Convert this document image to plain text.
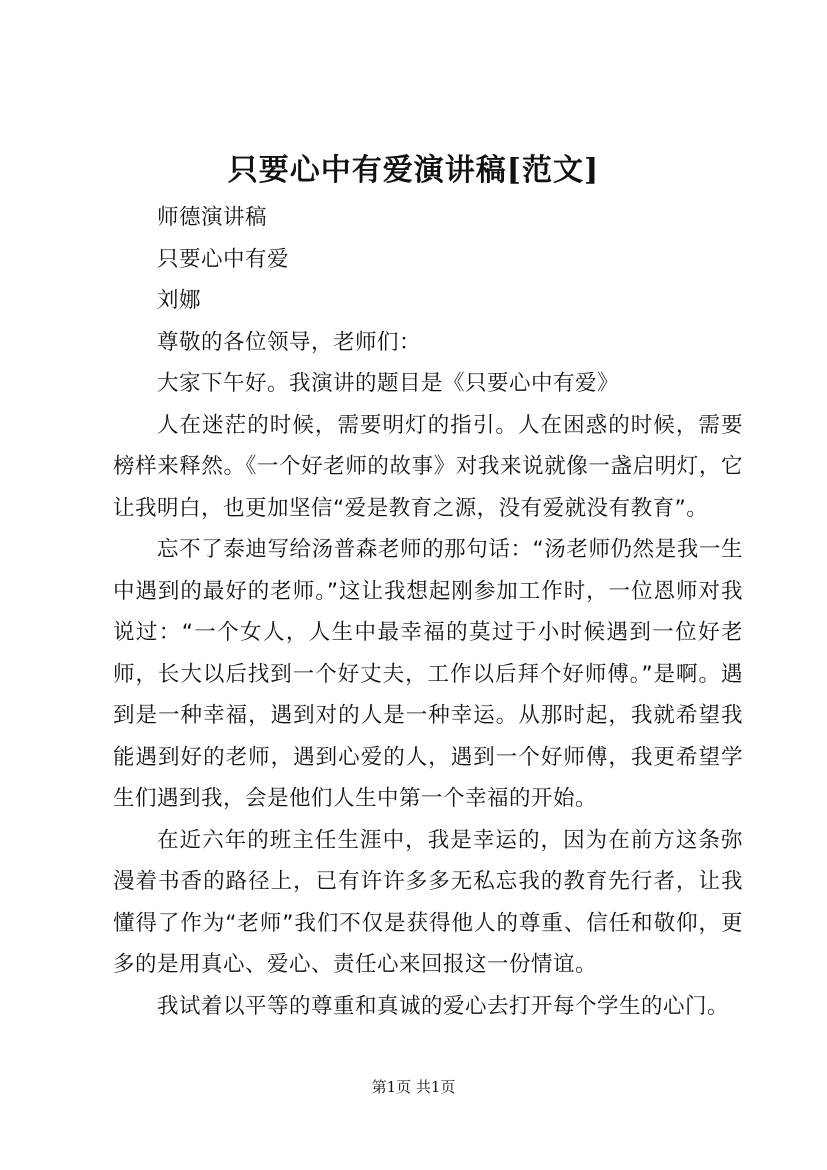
只要心中有爱演讲稿[范文]

师德演讲稿

只要心中有爱

刘娜

尊敬的各位领导，老师们：

大家下午好。我演讲的题目是《只要心中有爱》

人在迷茫的时候，需要明灯的指引。人在困惑的时候，需要榜样来释然。《一个好老师的故事》对我来说就像一盏启明灯，它让我明白，也更加坚信“爱是教育之源，没有爱就没有教育”。

忘不了泰迪写给汤普森老师的那句话：“汤老师仍然是我一生中遇到的最好的老师。”这让我想起刚参加工作时，一位恩师对我说过：“一个女人，人生中最幸福的莫过于小时候遇到一位好老师，长大以后找到一个好丈夫，工作以后拜个好师傅。”是啊。遇到是一种幸福，遇到对的人是一种幸运。从那时起，我就希望我能遇到好的老师，遇到心爱的人，遇到一个好师傅，我更希望学生们遇到我，会是他们人生中第一个幸福的开始。

在近六年的班主任生涯中，我是幸运的，因为在前方这条弥漫着书香的路径上，已有许许多多无私忘我的教育先行者，让我懂得了作为“老师”我们不仅是获得他人的尊重、信任和敬仰，更多的是用真心、爱心、责任心来回报这一份情谊。

我试着以平等的尊重和真诚的爱心去打开每个学生的心门。

第1页 共1页
